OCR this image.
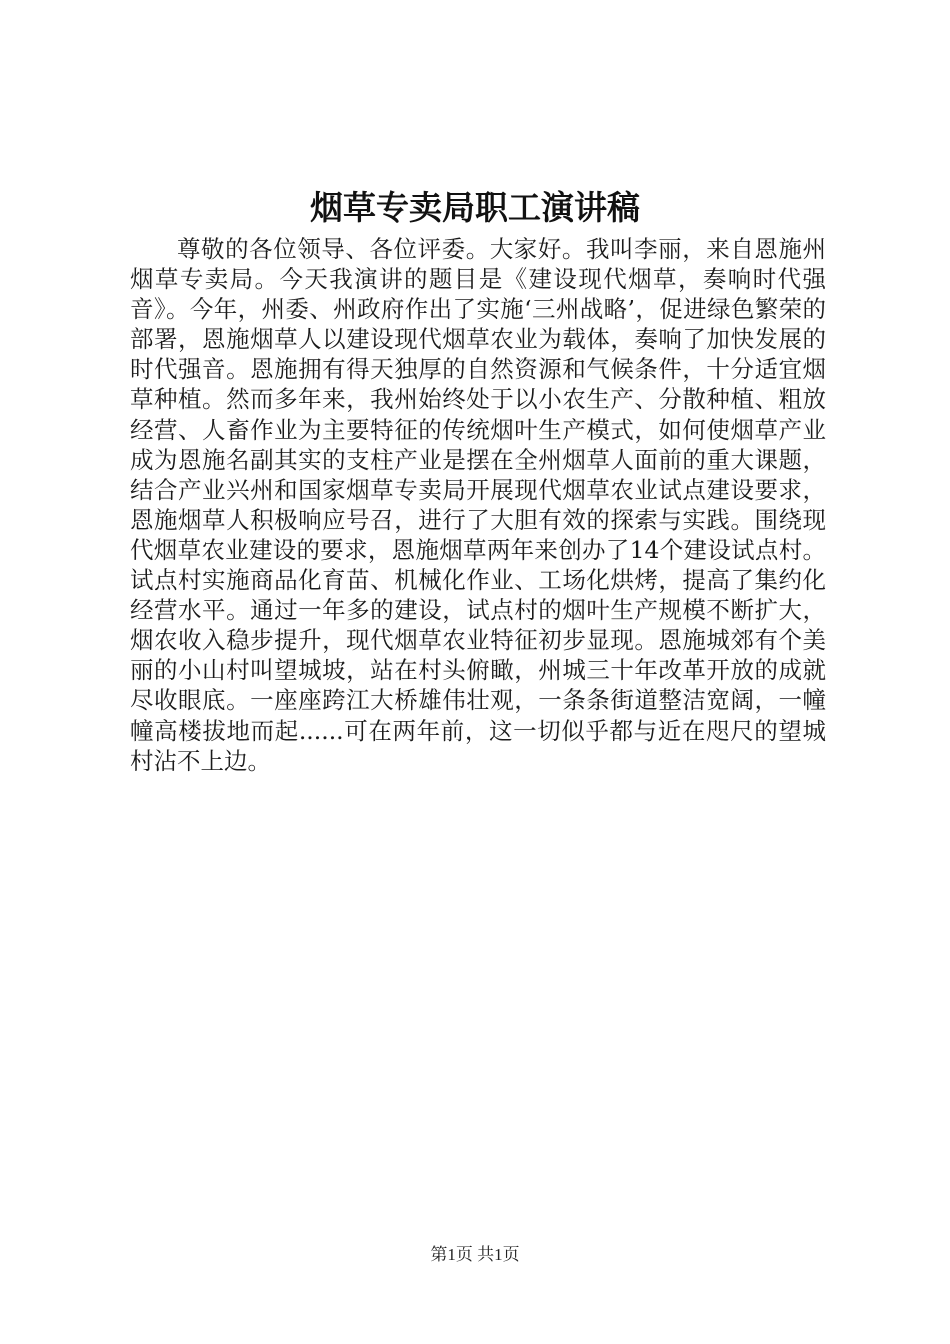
烟草专卖局职工演讲稿

尊敬的各位领导、各位评委。大家好。我叫李丽，来自恩施州烟草专卖局。今天我演讲的题目是《建设现代烟草，奏响时代强音》。今年，州委、州政府作出了实施‘三州战略’，促进绿色繁荣的部署，恩施烟草人以建设现代烟草农业为载体，奏响了加快发展的时代强音。恩施拥有得天独厚的自然资源和气候条件，十分适宜烟草种植。然而多年来，我州始终处于以小农生产、分散种植、粗放经营、人畜作业为主要特征的传统烟叶生产模式，如何使烟草产业成为恩施名副其实的支柱产业是摆在全州烟草人面前的重大课题，结合产业兴州和国家烟草专卖局开展现代烟草农业试点建设要求，恩施烟草人积极响应号召，进行了大胆有效的探索与实践。围绕现代烟草农业建设的要求，恩施烟草两年来创办了14个建设试点村。试点村实施商品化育苗、机械化作业、工场化烘烤，提高了集约化经营水平。通过一年多的建设，试点村的烟叶生产规模不断扩大，烟农收入稳步提升，现代烟草农业特征初步显现。恩施城郊有个美丽的小山村叫望城坡，站在村头俯瞰，州城三十年改革开放的成就尽收眼底。一座座跨江大桥雄伟壮观，一条条街道整洁宽阔，一幢幢高楼拔地而起......可在两年前，这一切似乎都与近在咫尺的望城村沾不上边。

第1页 共1页
